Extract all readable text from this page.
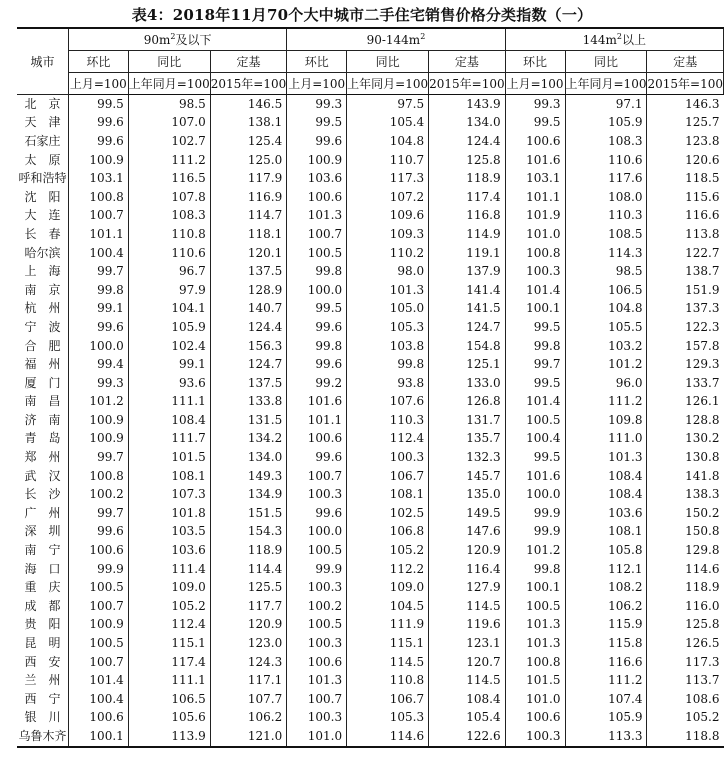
表4：2018年11月70个大中城市二手住宅销售价格分类指数（一）
城市	$90m^2$及以下			$90-144m^2$			$144m^2$以上		
	环比	同比	定基	环比	同比	定基	环比	同比	定基
	上月=100	上年同月=100	2015年=100	上月=100	上年同月=100	2015年=100	上月=100	上年同月=100	2015年=100
北　京	99.5	98.5	146.5	99.3	97.5	143.9	99.3	97.1	146.3
天　津	99.6	107.0	138.1	99.5	105.4	134.0	99.5	105.9	125.7
石家庄	99.6	102.7	125.4	99.6	104.8	124.4	100.6	108.3	123.8
太　原	100.9	111.2	125.0	100.9	110.7	125.8	101.6	110.6	120.6
呼和浩特	103.1	116.5	117.9	103.6	117.3	118.9	103.1	117.6	118.5
沈　阳	100.8	107.8	116.9	100.6	107.2	117.4	101.1	108.0	115.6
大　连	100.7	108.3	114.7	101.3	109.6	116.8	101.9	110.3	116.6
长　春	101.1	110.8	118.1	100.7	109.3	114.9	101.0	108.5	113.8
哈尔滨	100.4	110.6	120.1	100.5	110.2	119.1	100.8	114.3	122.7
上　海	99.7	96.7	137.5	99.8	98.0	137.9	100.3	98.5	138.7
南　京	99.8	97.9	128.9	100.0	101.3	141.4	101.4	106.5	151.9
杭　州	99.1	104.1	140.7	99.5	105.0	141.5	100.1	104.8	137.3
宁　波	99.6	105.9	124.4	99.6	105.3	124.7	99.5	105.5	122.3
合　肥	100.0	102.4	156.3	99.8	103.8	154.8	99.8	103.2	157.8
福　州	99.4	99.1	124.7	99.6	99.8	125.1	99.7	101.2	129.3
厦　门	99.3	93.6	137.5	99.2	93.8	133.0	99.5	96.0	133.7
南　昌	101.2	111.1	133.8	101.6	107.6	126.8	101.4	111.2	126.1
济　南	100.9	108.4	131.5	101.1	110.3	131.7	100.5	109.8	128.8
青　岛	100.9	111.7	134.2	100.6	112.4	135.7	100.4	111.0	130.2
郑　州	99.7	101.5	134.0	99.6	100.3	132.3	99.5	101.3	130.8
武　汉	100.8	108.1	149.3	100.7	106.7	145.7	101.6	108.4	141.8
长　沙	100.2	107.3	134.9	100.3	108.1	135.0	100.0	108.4	138.3
广　州	99.7	101.8	151.5	99.6	102.5	149.5	99.9	103.6	150.2
深　圳	99.6	103.5	154.3	100.0	106.8	147.6	99.9	108.1	150.8
南　宁	100.6	103.6	118.9	100.5	105.2	120.9	101.2	105.8	129.8
海　口	99.9	111.4	114.4	99.9	112.2	116.4	99.8	112.1	114.6
重　庆	100.5	109.0	125.5	100.3	109.0	127.9	100.1	108.2	118.9
成　都	100.7	105.2	117.7	100.2	104.5	114.5	100.5	106.2	116.0
贵　阳	100.9	112.4	120.9	100.5	111.9	119.6	101.3	115.9	125.8
昆　明	100.5	115.1	123.0	100.3	115.1	123.1	101.3	115.8	126.5
西　安	100.7	117.4	124.3	100.6	114.5	120.7	100.8	116.6	117.3
兰　州	101.4	111.1	117.1	101.3	110.8	114.5	101.5	111.2	113.7
西　宁	100.4	106.5	107.7	100.7	106.7	108.4	101.0	107.4	108.6
银　川	100.6	105.6	106.2	100.3	105.3	105.4	100.6	105.9	105.2
乌鲁木齐	100.1	113.9	121.0	101.0	114.6	122.6	100.3	113.3	118.8
